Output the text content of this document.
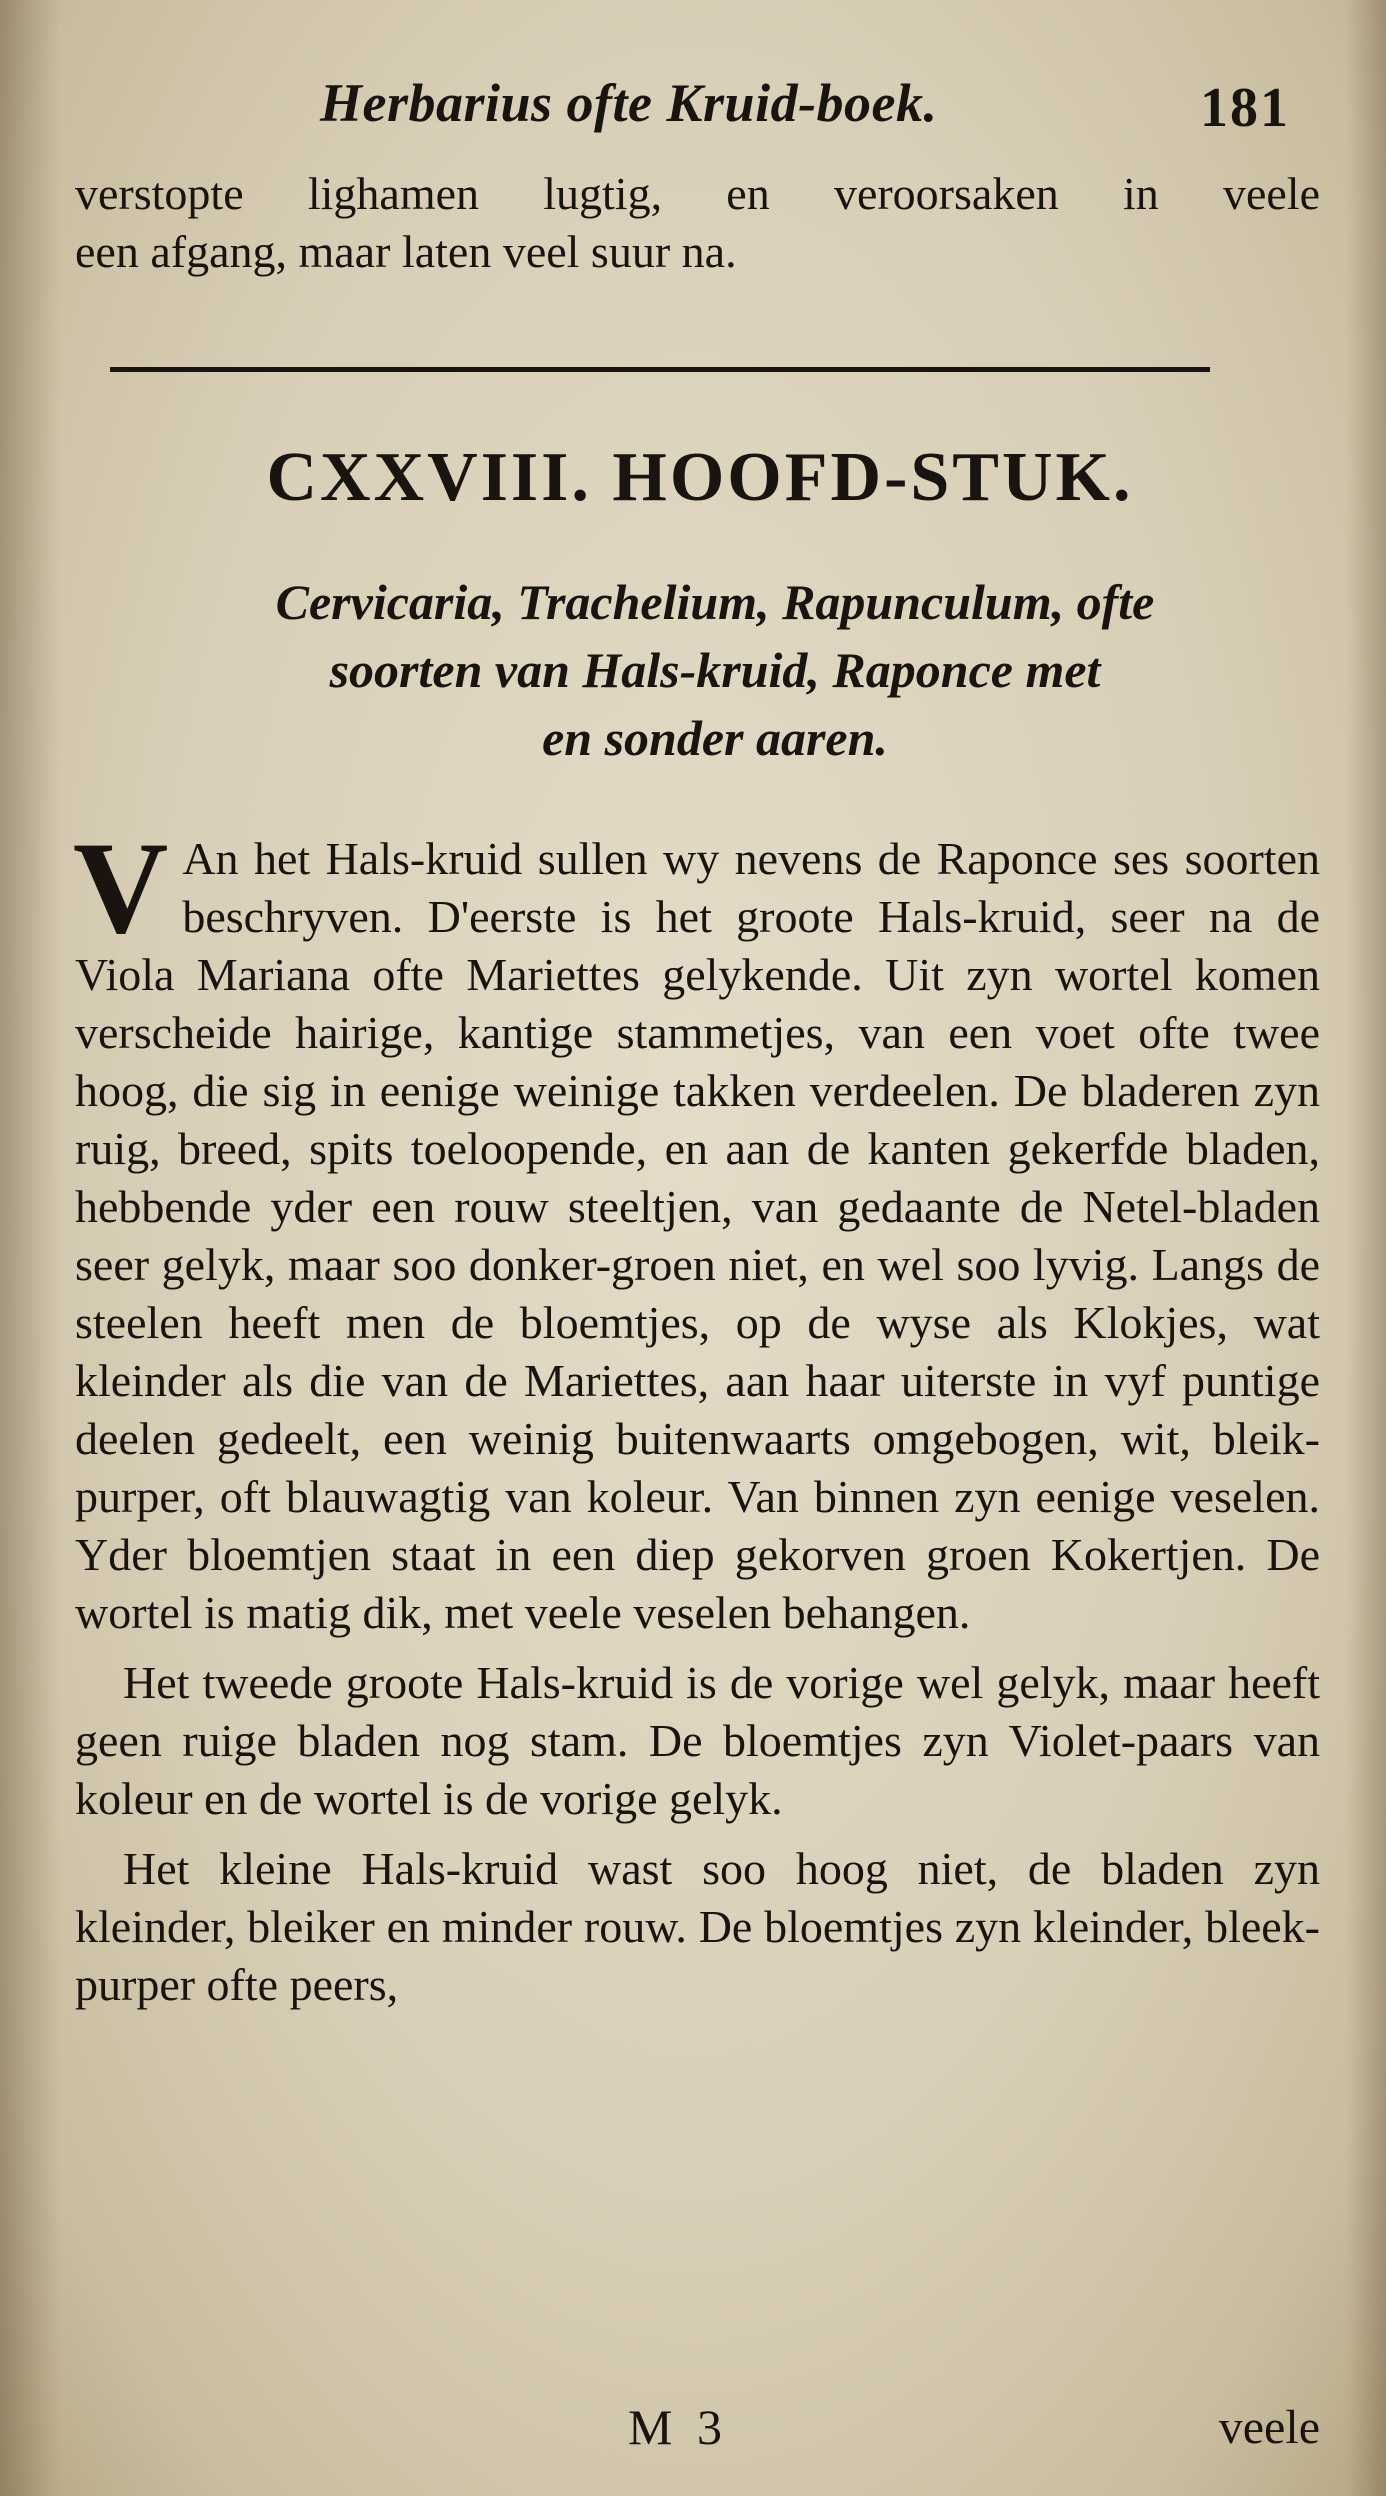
Herbarius ofte Kruid-boek.	181
verstopte lighamen lugtig, en veroorsaken in veele
een afgang, maar laten veel suur na.
CXXVIII. HOOFD-STUK.
Cervicaria, Trachelium, Rapunculum, ofte
soorten van Hals-kruid, Raponce met
en sonder aaren.

V An het Hals-kruid sullen wy nevens de Raponce ses soorten beschryven. D'eerste is het groote Hals-kruid, seer na de Viola Mariana ofte Mariettes gelykende. Uit zyn wortel komen verscheide hairige, kantige stammetjes, van een voet ofte twee hoog, die sig in eenige weinige takken verdeelen. De bladeren zyn ruig, breed, spits toeloopende, en aan de kanten gekerfde bladen, hebbende yder een rouw steeltjen, van gedaante de Netel-bladen seer gelyk, maar soo donker-groen niet, en wel soo lyvig. Langs de steelen heeft men de bloemtjes, op de wyse als Klokjes, wat kleinder als die van de Mariettes, aan haar uiterste in vyf puntige deelen gedeelt, een weinig buitenwaarts omgebogen, wit, bleik-purper, oft blauwagtig van koleur. Van binnen zyn eenige veselen. Yder bloemtjen staat in een diep gekorven groen Kokertjen. De wortel is matig dik, met veele veselen behangen.

Het tweede groote Hals-kruid is de vorige wel gelyk, maar heeft geen ruige bladen nog stam. De bloemtjes zyn Violet-paars van koleur en de wortel is de vorige gelyk.

Het kleine Hals-kruid wast soo hoog niet, de bladen zyn kleinder, bleiker en minder rouw. De bloemtjes zyn kleinder, bleek-purper ofte peers,

M 3	veele
